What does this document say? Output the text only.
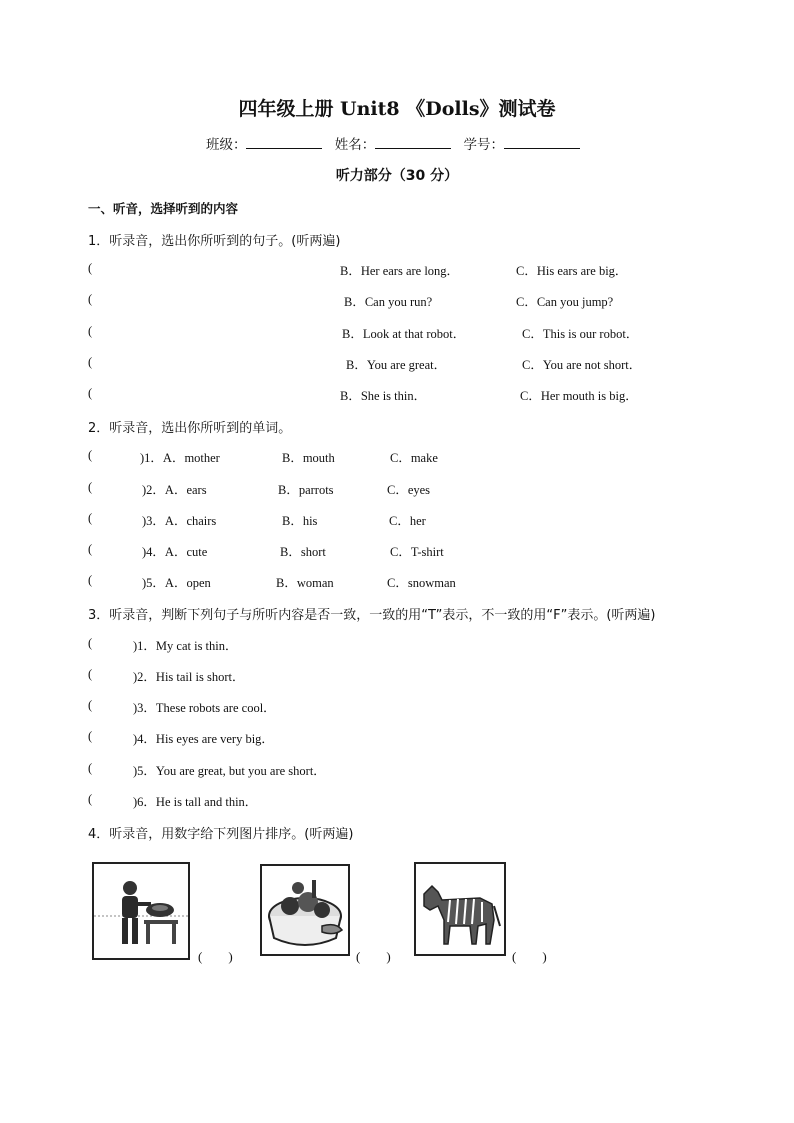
四年级上册 Unit8 《Dolls》测试卷
班级：	姓名：	学号：
听力部分（30 分）
一、听音，选择听到的内容
1．听录音，选出你所听到的句子。(听两遍)
(	B．Her ears are long．	C．His ears are big．
(	B．Can you run?	C．Can you jump?
(	B．Look at that robot．	C．This is our robot．
(	B．You are great．	C．You are not short．
(	B．She is thin．	C．Her mouth is big．
2．听录音，选出你所听到的单词。
(	)1．A．mother	B．mouth	C．make
(	)2．A．ears	B．parrots	C．eyes
(	)3．A．chairs	B．his	C．her
(	)4．A．cute	B．short	C．T-shirt
(	)5．A．open	B．woman	C．snowman
3．听录音，判断下列句子与所听内容是否一致，一致的用“T”表示，不一致的用“F”表示。(听两遍)
(	)1．My cat is thin．
(	)2．His tail is short．
(	)3．These robots are cool．
(	)4．His eyes are very big．
(	)5．You are great, but you are short．
(	)6．He is tall and thin．
4．听录音，用数字给下列图片排序。(听两遍)
(　　)	(　　)	(　　)
